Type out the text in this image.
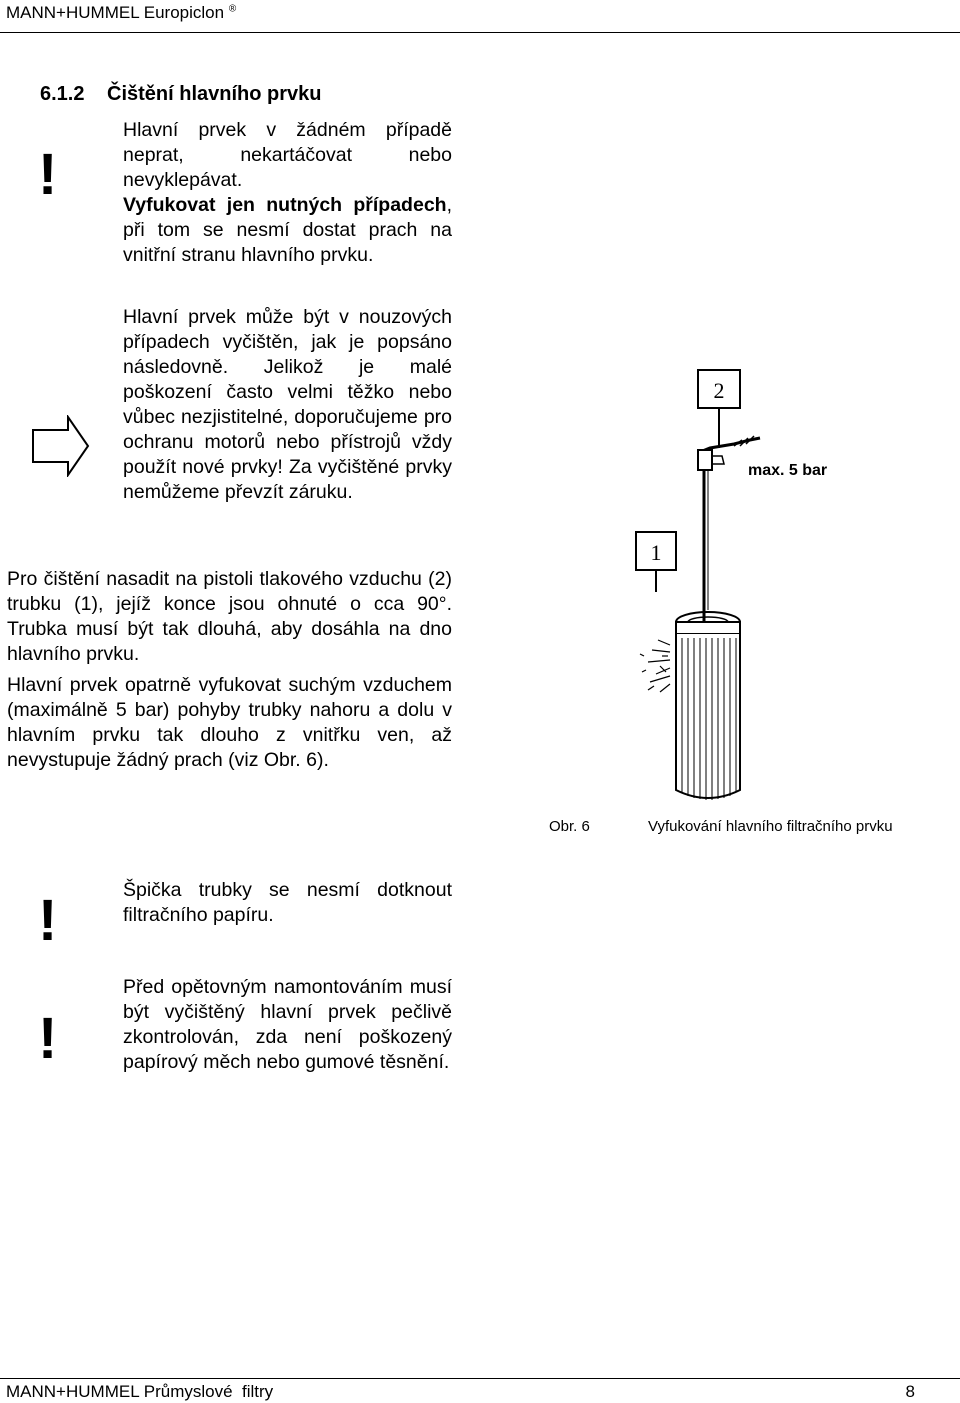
MANN+HUMMEL Europiclon ®
6.1.2 Čištění hlavního prvku
!

Hlavní prvek v žádném případě neprat, nekartáčovat nebo nevyklepávat.

Vyfukovat jen nutných případech, při tom se nesmí dostat prach na vnitřní stranu hlavního prvku.

Hlavní prvek může být v nouzových případech vyčištěn, jak je popsáno následovně. Jelikož je malé poškození často velmi těžko nebo vůbec nezjistitelné, doporučujeme pro ochranu motorů nebo přístrojů vždy použít nové prvky! Za vyčištěné prvky nemůžeme převzít záruku.

Pro čištění nasadit na pistoli tlakového vzduchu (2) trubku (1), jejíž konce jsou ohnuté o cca 90°. Trubka musí být tak dlouhá, aby dosáhla na dno hlavního prvku.

Hlavní prvek opatrně vyfukovat suchým vzduchem (maximálně 5 bar) pohyby trubky nahoru a dolu v hlavním prvku tak dlouho z vnitřku ven, až nevystupuje žádný prach (viz Obr. 6).

2
max. 5 bar
1
Obr. 6	Vyfukování hlavního filtračního prvku
!	Špička trubky se nesmí dotknout filtračního papíru.

!

Před opětovným namontováním musí být vyčištěný hlavní prvek pečlivě zkontrolován, zda není poškozený papírový měch nebo gumové těsnění.

MANN+HUMMEL Průmyslové  filtry	8
